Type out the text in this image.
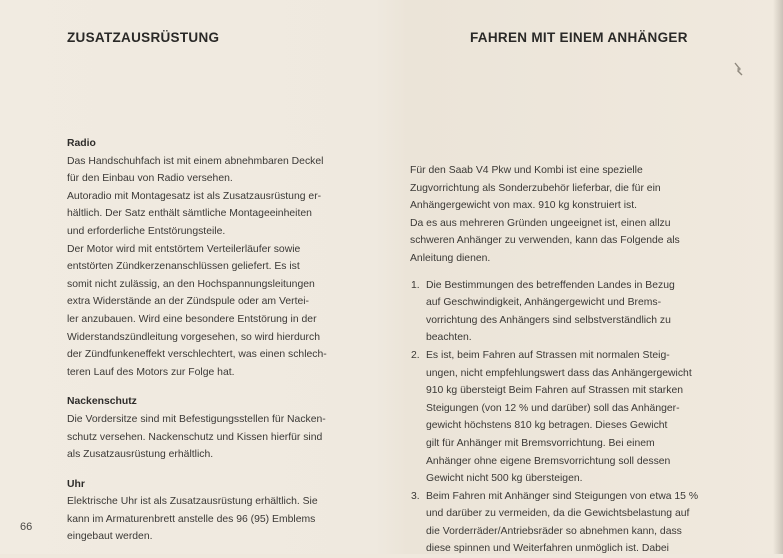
ZUSATZAUSRÜSTUNG	FAHREN MIT EINEM ANHÄNGER
Radio
Das Handschuhfach ist mit einem abnehmbaren Deckel
für den Einbau von Radio versehen.
Autoradio mit Montagesatz ist als Zusatzausrüstung er-
hältlich. Der Satz enthält sämtliche Montageeinheiten
und erforderliche Entstörungsteile.
Der Motor wird mit entstörtem Verteilerläufer sowie
entstörten Zündkerzenanschlüssen geliefert. Es ist
somit nicht zulässig, an den Hochspannungsleitungen
extra Widerstände an der Zündspule oder am Vertei-
ler anzubauen. Wird eine besondere Entstörung in der
Widerstandszündleitung vorgesehen, so wird hierdurch
der Zündfunkeneffekt verschlechtert, was einen schlech-
teren Lauf des Motors zur Folge hat.
Nackenschutz
Die Vordersitze sind mit Befestigungsstellen für Nacken-
schutz versehen. Nackenschutz und Kissen hierfür sind
als Zusatzausrüstung erhältlich.
Uhr
Elektrische Uhr ist als Zusatzausrüstung erhältlich. Sie
kann im Armaturenbrett anstelle des 96 (95) Emblems
eingebaut werden.
Für den Saab V4 Pkw und Kombi ist eine spezielle
Zugvorrichtung als Sonderzubehör lieferbar, die für ein
Anhängergewicht von max. 910 kg konstruiert ist.
Da es aus mehreren Gründen ungeeignet ist, einen allzu
schweren Anhänger zu verwenden, kann das Folgende als
Anleitung dienen.
1. Die Bestimmungen des betreffenden Landes in Bezug
auf Geschwindigkeit, Anhängergewicht und Brems-
vorrichtung des Anhängers sind selbstverständlich zu
beachten.
2. Es ist, beim Fahren auf Strassen mit normalen Steig-
ungen, nicht empfehlungswert dass das Anhängergewicht
910 kg übersteigt Beim Fahren auf Strassen mit starken
Steigungen (von 12 % und darüber) soll das Anhänger-
gewicht höchstens 810 kg betragen. Dieses Gewicht
gilt für Anhänger mit Bremsvorrichtung. Bei einem
Anhänger ohne eigene Bremsvorrichtung soll dessen
Gewicht nicht 500 kg übersteigen.
3. Beim Fahren mit Anhänger sind Steigungen von etwa 15 %
und darüber zu vermeiden, da die Gewichtsbelastung auf
die Vorderräder/Antriebsräder so abnehmen kann, dass
diese spinnen und Weiterfahren unmöglich ist. Dabei
66
